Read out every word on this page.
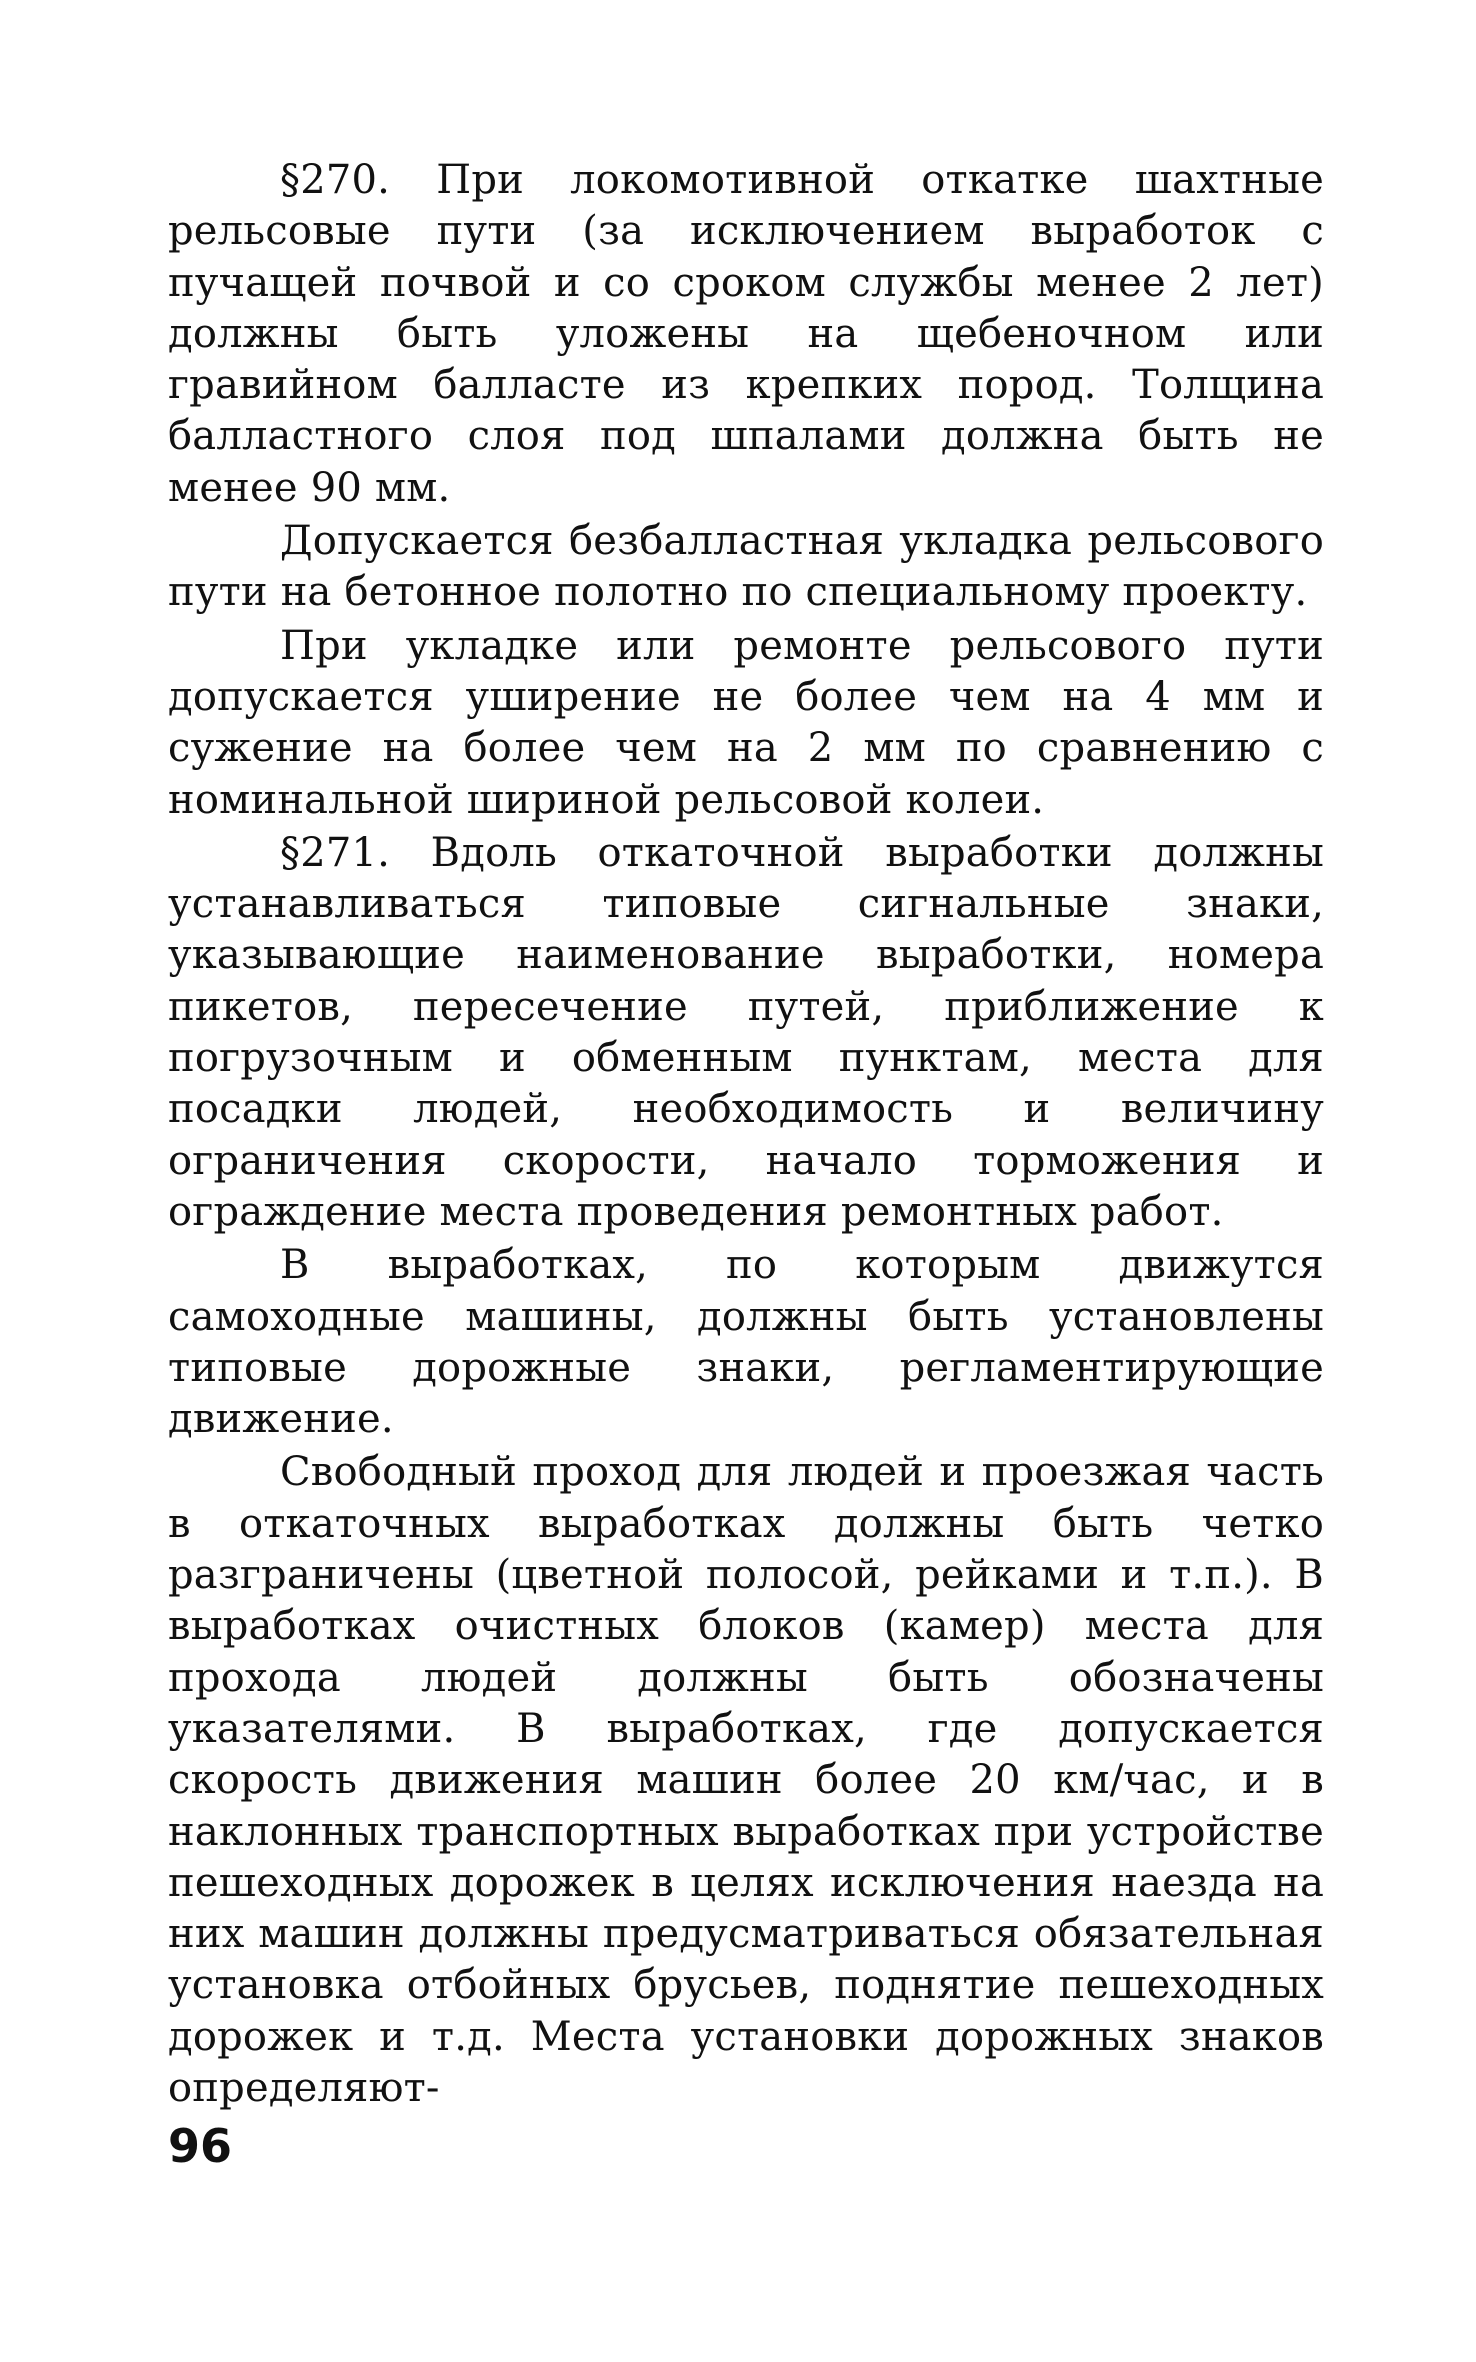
§270. При локомотивной откатке шахтные рельсовые пути (за исключением выработок с пучащей почвой и со сроком службы менее 2 лет) должны быть уложены на щебеночном или гравийном балласте из крепких пород. Толщина балластного слоя под шпалами должна быть не менее 90 мм.

Допускается безбалластная укладка рельсового пути на бетонное полотно по специальному проекту.

При укладке или ремонте рельсового пути допускается уширение не более чем на 4 мм и сужение на более чем на 2 мм по сравнению с номинальной шириной рельсовой колеи.

§271. Вдоль откаточной выработки должны устанавливаться типовые сигнальные знаки, указывающие наименование выработки, номера пикетов, пересечение путей, приближение к погрузочным и обменным пунктам, места для посадки людей, необходимость и величину ограничения скорости, начало торможения и ограждение места проведения ремонтных работ.

В выработках, по которым движутся самоходные машины, должны быть установлены типовые дорожные знаки, регламентирующие движение.

Свободный проход для людей и проезжая часть в откаточных выработках должны быть четко разграничены (цветной полосой, рейками и т.п.). В выработках очистных блоков (камер) места для прохода людей должны быть обозначены указателями. В выработках, где допускается скорость движения машин более 20 км/час, и в наклонных транспортных выработках при устройстве пешеходных дорожек в целях исключения наезда на них машин должны предусматриваться обязательная установка отбойных брусьев, поднятие пешеходных дорожек и т.д. Места установки дорожных знаков определяют-

96
